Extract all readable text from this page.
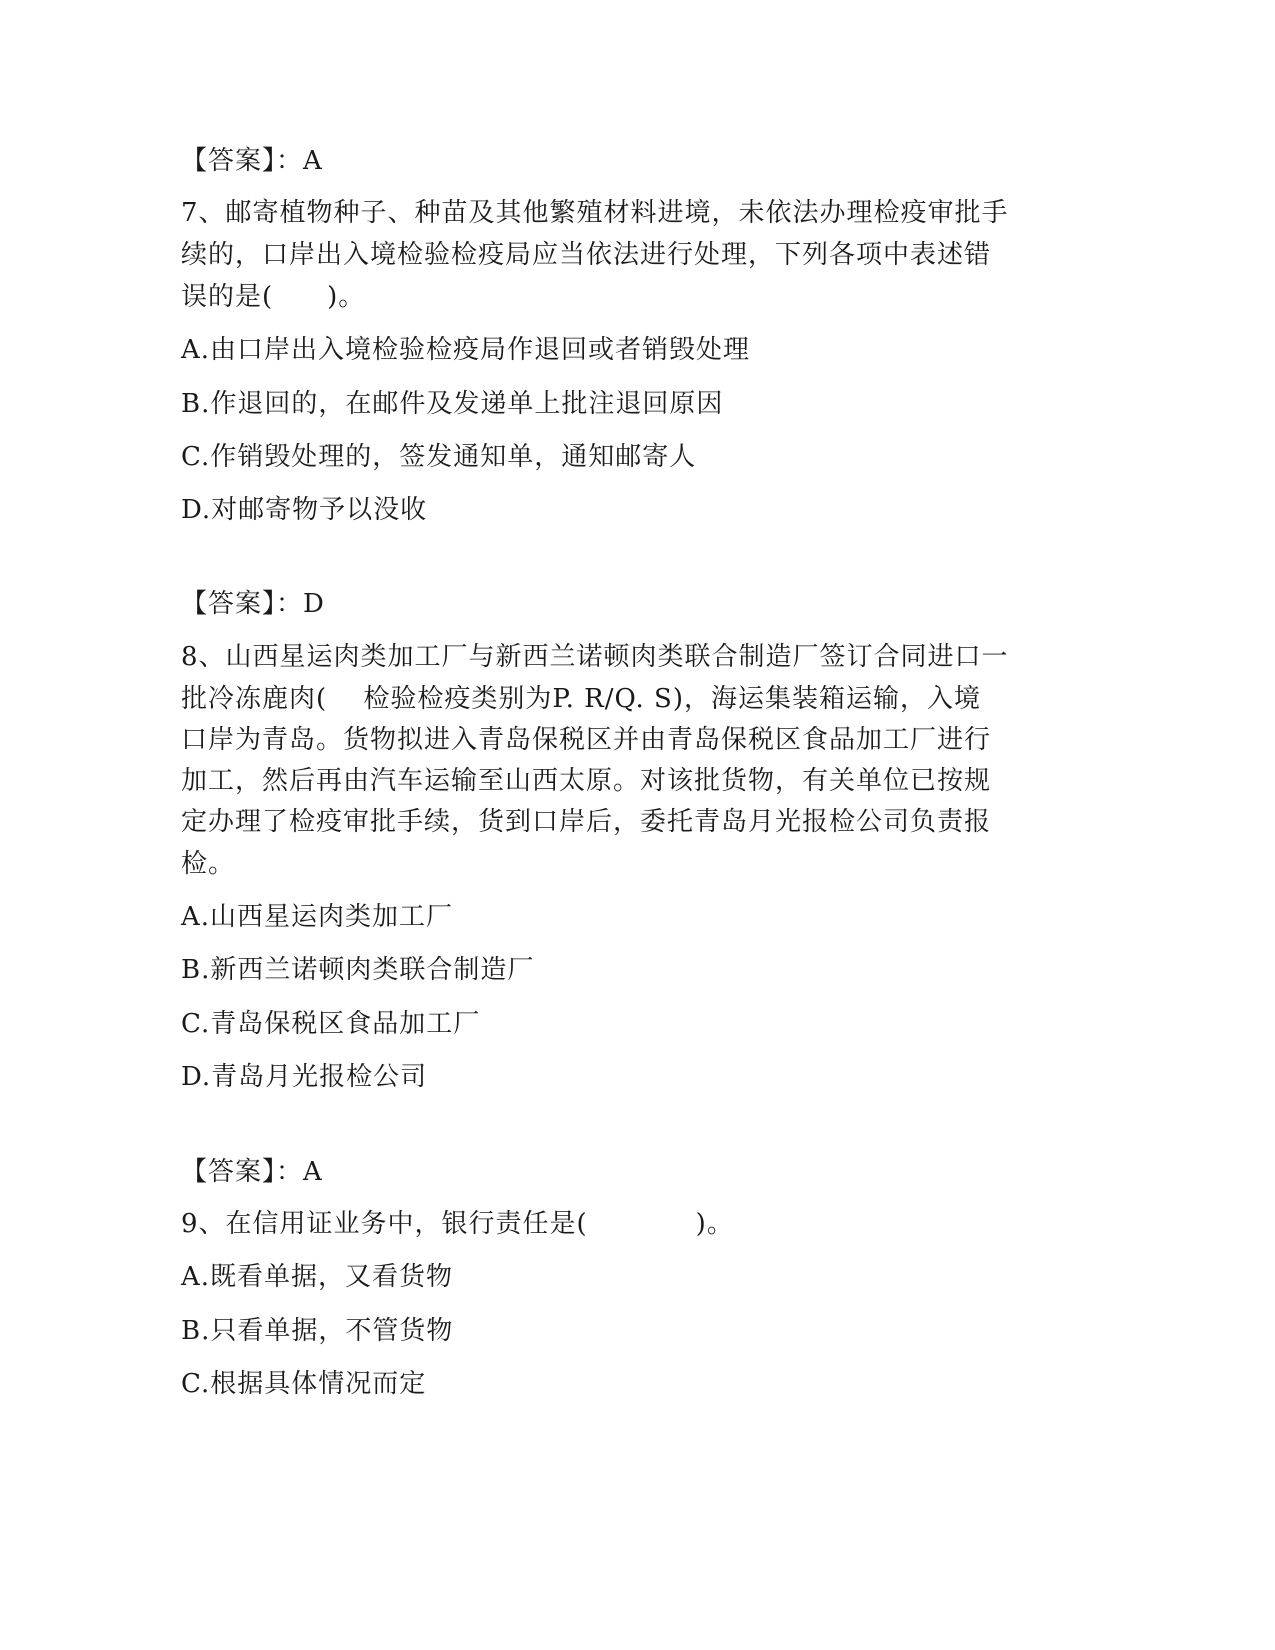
【答案】：A
7、邮寄植物种子、种苗及其他繁殖材料进境，未依法办理检疫审批手
续的，口岸出入境检验检疫局应当依法进行处理，下列各项中表述错
误的是(　　)。
A.由口岸出入境检验检疫局作退回或者销毁处理
B.作退回的，在邮件及发递单上批注退回原因
C.作销毁处理的，签发通知单，通知邮寄人
D.对邮寄物予以没收
【答案】：D
8、山西星运肉类加工厂与新西兰诺顿肉类联合制造厂签订合同进口一
批冷冻鹿肉(　 检验检疫类别为P. R/Q. S)，海运集装箱运输，入境
口岸为青岛。货物拟进入青岛保税区并由青岛保税区食品加工厂进行
加工，然后再由汽车运输至山西太原。对该批货物，有关单位已按规
定办理了检疫审批手续，货到口岸后，委托青岛月光报检公司负责报
检。
A.山西星运肉类加工厂
B.新西兰诺顿肉类联合制造厂
C.青岛保税区食品加工厂
D.青岛月光报检公司
【答案】：A
9、在信用证业务中，银行责任是(　　　　)。
A.既看单据，又看货物
B.只看单据，不管货物
C.根据具体情况而定
